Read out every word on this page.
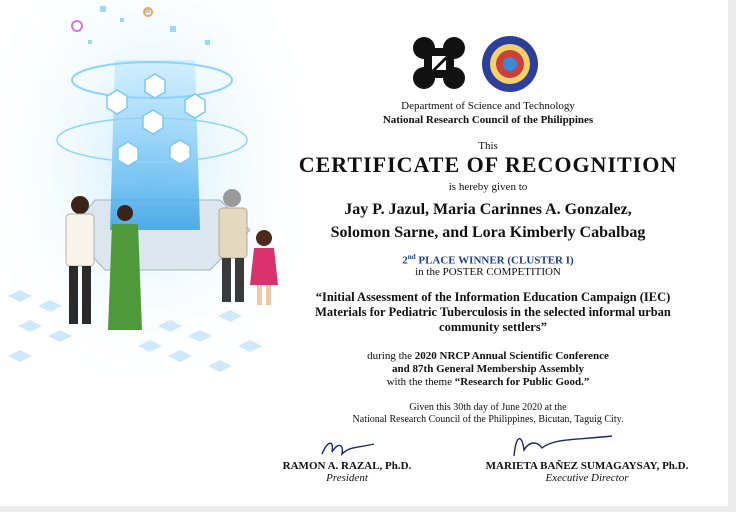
Department of Science and Technology
National Research Council of the Philippines
This
CERTIFICATE OF RECOGNITION
is hereby given to
Jay P. Jazul, Maria Carinnes A. Gonzalez,
Solomon Sarne, and Lora Kimberly Cabalbag
2nd PLACE WINNER (CLUSTER I)
in the POSTER COMPETITION
“Initial Assessment of the Information Education Campaign (IEC)
Materials for Pediatric Tuberculosis in the selected informal urban
community settlers”
during the 2020 NRCP Annual Scientific Conference
and 87th General Membership Assembly
with the theme “Research for Public Good.”
Given this 30th day of June 2020 at the
National Research Council of the Philippines, Bicutan, Taguig City.
RAMON A. RAZAL, Ph.D.
President
MARIETA BAÑEZ SUMAGAYSAY, Ph.D.
Executive Director
